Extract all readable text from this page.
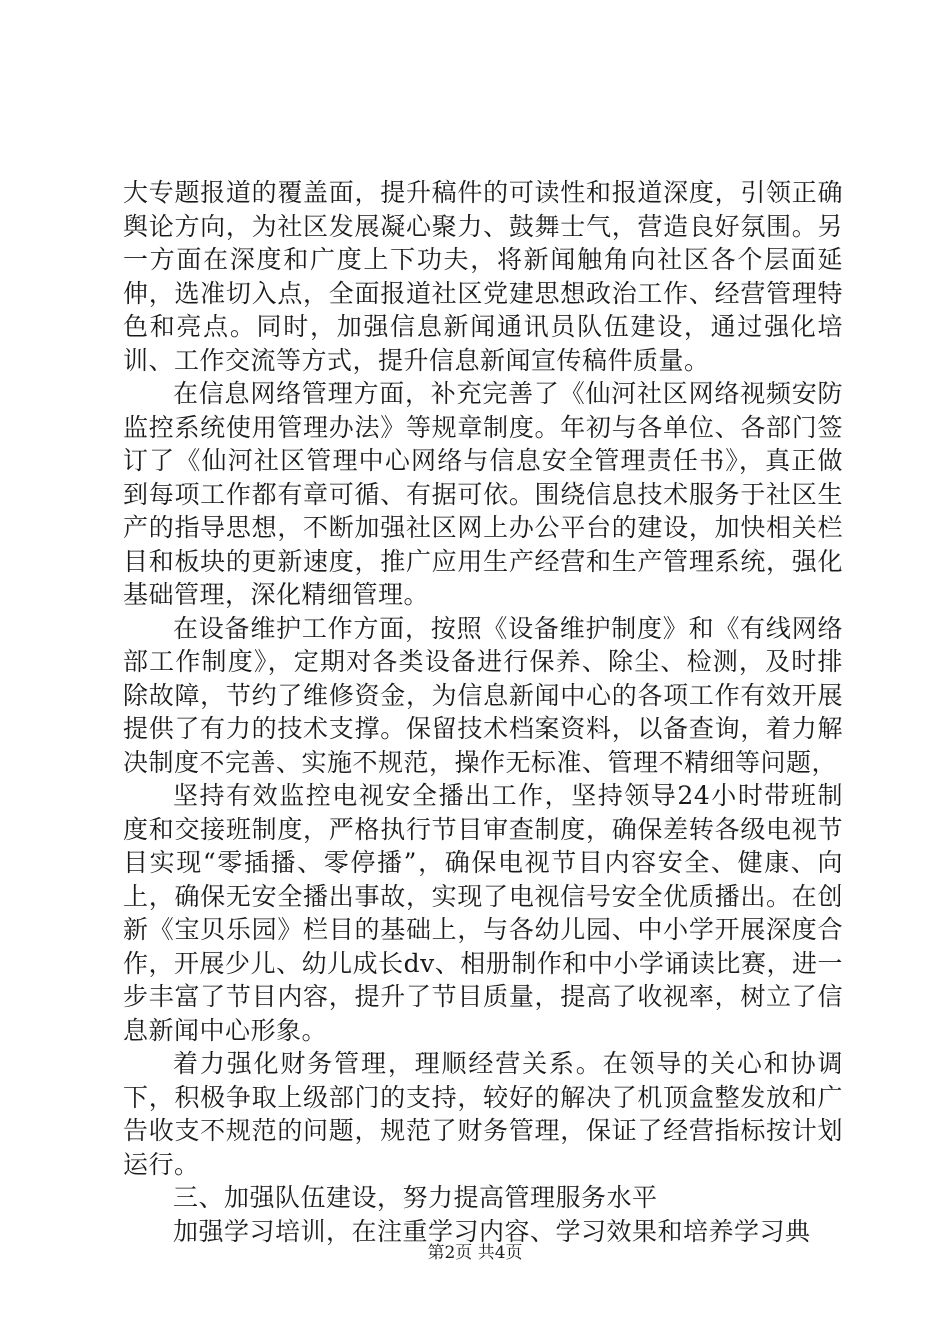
大专题报道的覆盖面，提升稿件的可读性和报道深度，引领正确舆论方向，为社区发展凝心聚力、鼓舞士气，营造良好氛围。另一方面在深度和广度上下功夫，将新闻触角向社区各个层面延伸，选准切入点，全面报道社区党建思想政治工作、经营管理特色和亮点。同时，加强信息新闻通讯员队伍建设，通过强化培训、工作交流等方式，提升信息新闻宣传稿件质量。

在信息网络管理方面，补充完善了《仙河社区网络视频安防监控系统使用管理办法》等规章制度。年初与各单位、各部门签订了《仙河社区管理中心网络与信息安全管理责任书》，真正做到每项工作都有章可循、有据可依。围绕信息技术服务于社区生产的指导思想，不断加强社区网上办公平台的建设，加快相关栏目和板块的更新速度，推广应用生产经营和生产管理系统，强化基础管理，深化精细管理。

在设备维护工作方面，按照《设备维护制度》和《有线网络部工作制度》，定期对各类设备进行保养、除尘、检测，及时排除故障，节约了维修资金，为信息新闻中心的各项工作有效开展提供了有力的技术支撑。保留技术档案资料，以备查询，着力解决制度不完善、实施不规范，操作无标准、管理不精细等问题，

坚持有效监控电视安全播出工作，坚持领导24小时带班制度和交接班制度，严格执行节目审查制度，确保差转各级电视节目实现“零插播、零停播”，确保电视节目内容安全、健康、向上，确保无安全播出事故，实现了电视信号安全优质播出。在创新《宝贝乐园》栏目的基础上，与各幼儿园、中小学开展深度合作，开展少儿、幼儿成长dv、相册制作和中小学诵读比赛，进一步丰富了节目内容，提升了节目质量，提高了收视率，树立了信息新闻中心形象。

着力强化财务管理，理顺经营关系。在领导的关心和协调下，积极争取上级部门的支持，较好的解决了机顶盒整发放和广告收支不规范的问题，规范了财务管理，保证了经营指标按计划运行。

三、加强队伍建设，努力提高管理服务水平

加强学习培训，在注重学习内容、学习效果和培养学习典

第2页 共4页
